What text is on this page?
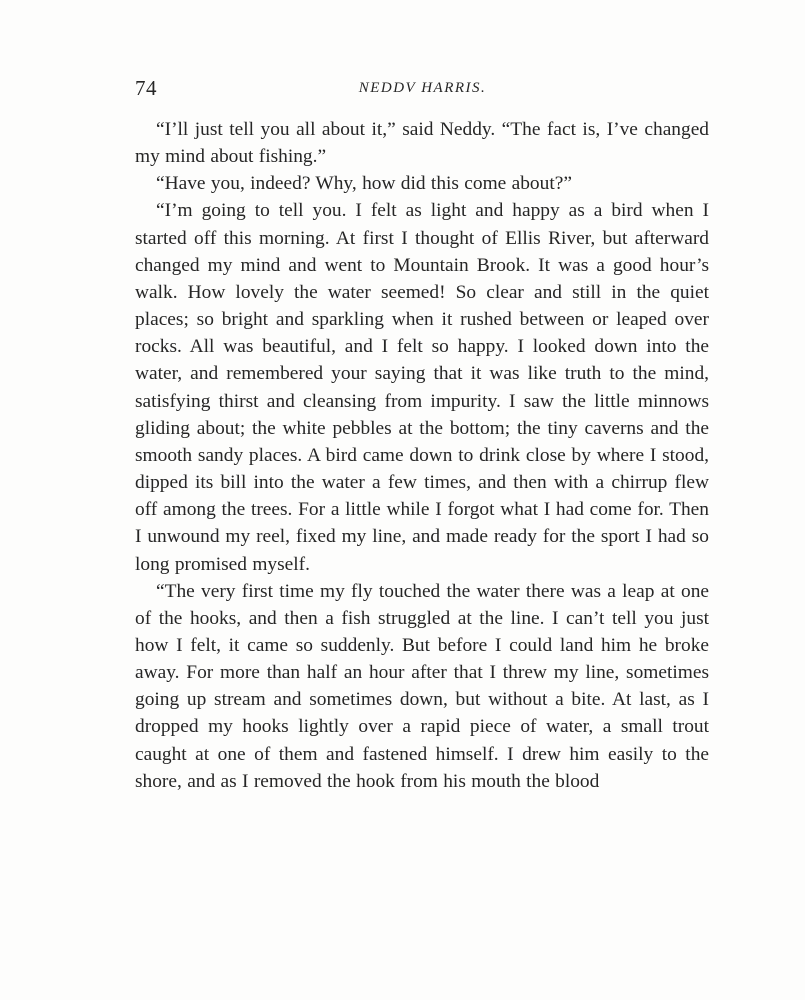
74	NEDDV HARRIS.

“I’ll just tell you all about it,” said Neddy. “The fact is, I’ve changed my mind about fishing.”

“Have you, indeed? Why, how did this come about?”

“I’m going to tell you. I felt as light and happy as a bird when I started off this morning. At first I thought of Ellis River, but afterward changed my mind and went to Mountain Brook. It was a good hour’s walk. How lovely the water seemed! So clear and still in the quiet places; so bright and sparkling when it rushed between or leaped over rocks. All was beautiful, and I felt so happy. I looked down into the water, and remembered your saying that it was like truth to the mind, satisfying thirst and cleansing from impurity. I saw the little minnows gliding about; the white pebbles at the bottom; the tiny caverns and the smooth sandy places. A bird came down to drink close by where I stood, dipped its bill into the water a few times, and then with a chirrup flew off among the trees. For a little while I forgot what I had come for. Then I unwound my reel, fixed my line, and made ready for the sport I had so long promised myself.

“The very first time my fly touched the water there was a leap at one of the hooks, and then a fish struggled at the line. I can’t tell you just how I felt, it came so suddenly. But before I could land him he broke away. For more than half an hour after that I threw my line, sometimes going up stream and sometimes down, but without a bite. At last, as I dropped my hooks lightly over a rapid piece of water, a small trout caught at one of them and fastened himself. I drew him easily to the shore, and as I removed the hook from his mouth the blood
